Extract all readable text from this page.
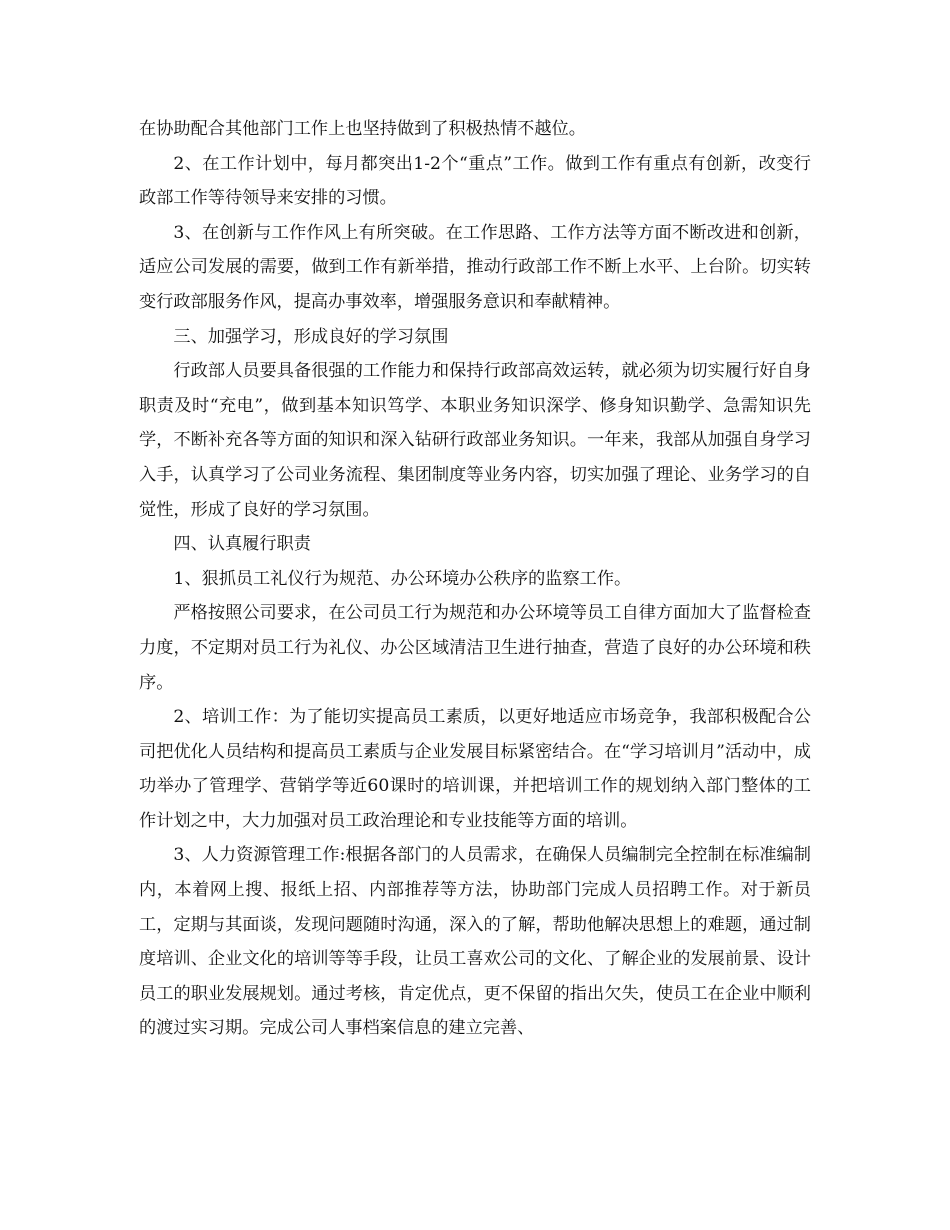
在协助配合其他部门工作上也坚持做到了积极热情不越位。

2、在工作计划中，每月都突出1-2个“重点”工作。做到工作有重点有创新，改变行政部工作等待领导来安排的习惯。

3、在创新与工作作风上有所突破。在工作思路、工作方法等方面不断改进和创新，适应公司发展的需要，做到工作有新举措，推动行政部工作不断上水平、上台阶。切实转变行政部服务作风，提高办事效率，增强服务意识和奉献精神。

三、加强学习，形成良好的学习氛围

行政部人员要具备很强的工作能力和保持行政部高效运转，就必须为切实履行好自身职责及时“充电”，做到基本知识笃学、本职业务知识深学、修身知识勤学、急需知识先学，不断补充各等方面的知识和深入钻研行政部业务知识。一年来，我部从加强自身学习入手，认真学习了公司业务流程、集团制度等业务内容，切实加强了理论、业务学习的自觉性，形成了良好的学习氛围。

四、认真履行职责

1、狠抓员工礼仪行为规范、办公环境办公秩序的监察工作。

严格按照公司要求，在公司员工行为规范和办公环境等员工自律方面加大了监督检查力度，不定期对员工行为礼仪、办公区域清洁卫生进行抽查，营造了良好的办公环境和秩序。

2、培训工作：为了能切实提高员工素质，以更好地适应市场竞争，我部积极配合公司把优化人员结构和提高员工素质与企业发展目标紧密结合。在“学习培训月”活动中，成功举办了管理学、营销学等近60课时的培训课，并把培训工作的规划纳入部门整体的工作计划之中，大力加强对员工政治理论和专业技能等方面的培训。

3、人力资源管理工作:根据各部门的人员需求，在确保人员编制完全控制在标准编制内，本着网上搜、报纸上招、内部推荐等方法，协助部门完成人员招聘工作。对于新员工，定期与其面谈，发现问题随时沟通，深入的了解，帮助他解决思想上的难题，通过制度培训、企业文化的培训等等手段，让员工喜欢公司的文化、了解企业的发展前景、设计员工的职业发展规划。通过考核，肯定优点，更不保留的指出欠失，使员工在企业中顺利的渡过实习期。完成公司人事档案信息的建立完善、
